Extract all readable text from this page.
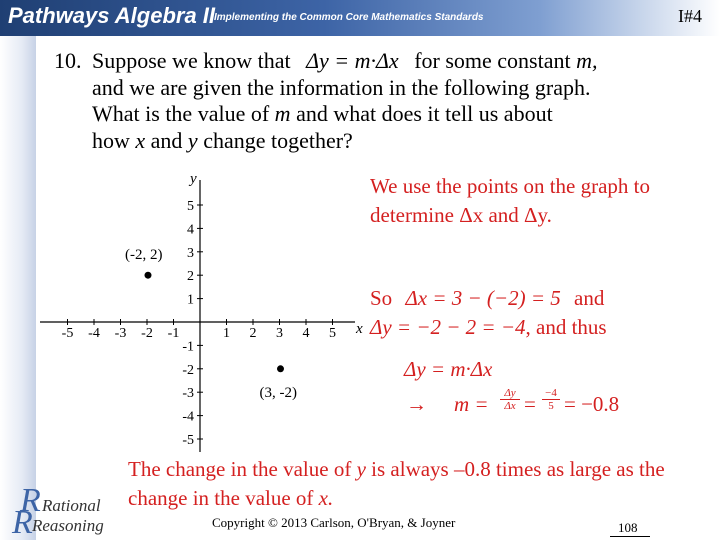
Pathways Algebra II
Implementing the Common Core Mathematics Standards	I#4
10. Suppose we know that Δy = m·Δx for some constant m,
and we are given the information in the following graph.
What is the value of m and what does it tell us about
how x and y change together?
x
y
-5 -4 -3 -2 -1	1 2 3 4 5
5
4
3
2
1
-1
-2
-3
-4
-5
(-2, 2)
(3, -2)
We use the points on the graph to determine Δx and Δy.
So Δx = 3 − (−2) = 5 and
Δy = −2 − 2 = −4, and thus
Δy = m·Δx
→ $m = \frac{\Delta y}{\Delta x} = \frac{-4}{5} = -0.8$
The change in the value of y is always –0.8 times as large as the change in the value of x.
R Rational
R Reasoning	Copyright © 2013 Carlson, O'Bryan, & Joyner	108
